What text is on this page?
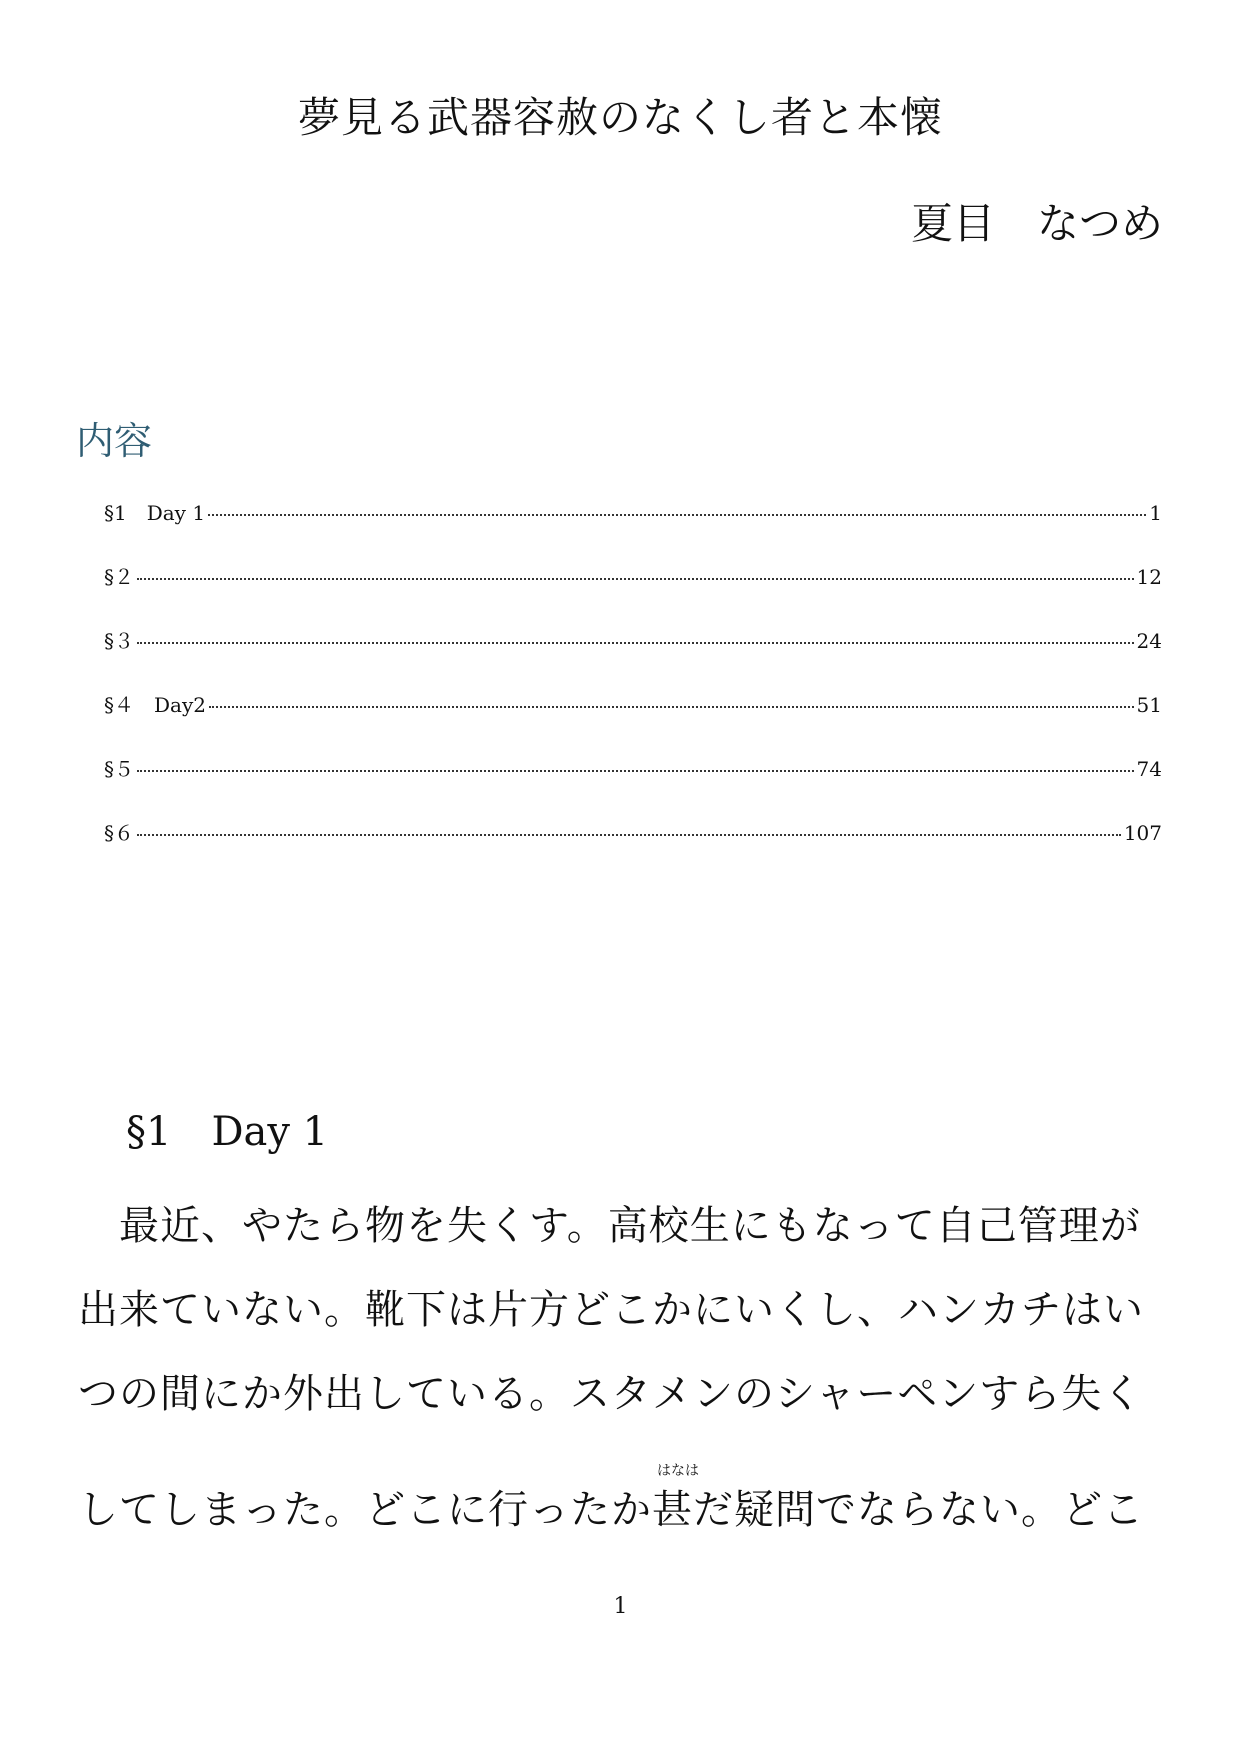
夢見る武器容赦のなくし者と本懐
夏目　なつめ
内容
§1　Day 1	1
§２	12
§３	24
§４　Day2	51
§５	74
§６	107
§1　Day 1
　最近、やたら物を失くす。高校生にもなって自己管理が
出来ていない。靴下は片方どこかにいくし、ハンカチはい
つの間にか外出している。スタメンのシャーペンすら失く
はなは
してしまった。どこに行ったか甚だ疑問でならない。どこ
1
